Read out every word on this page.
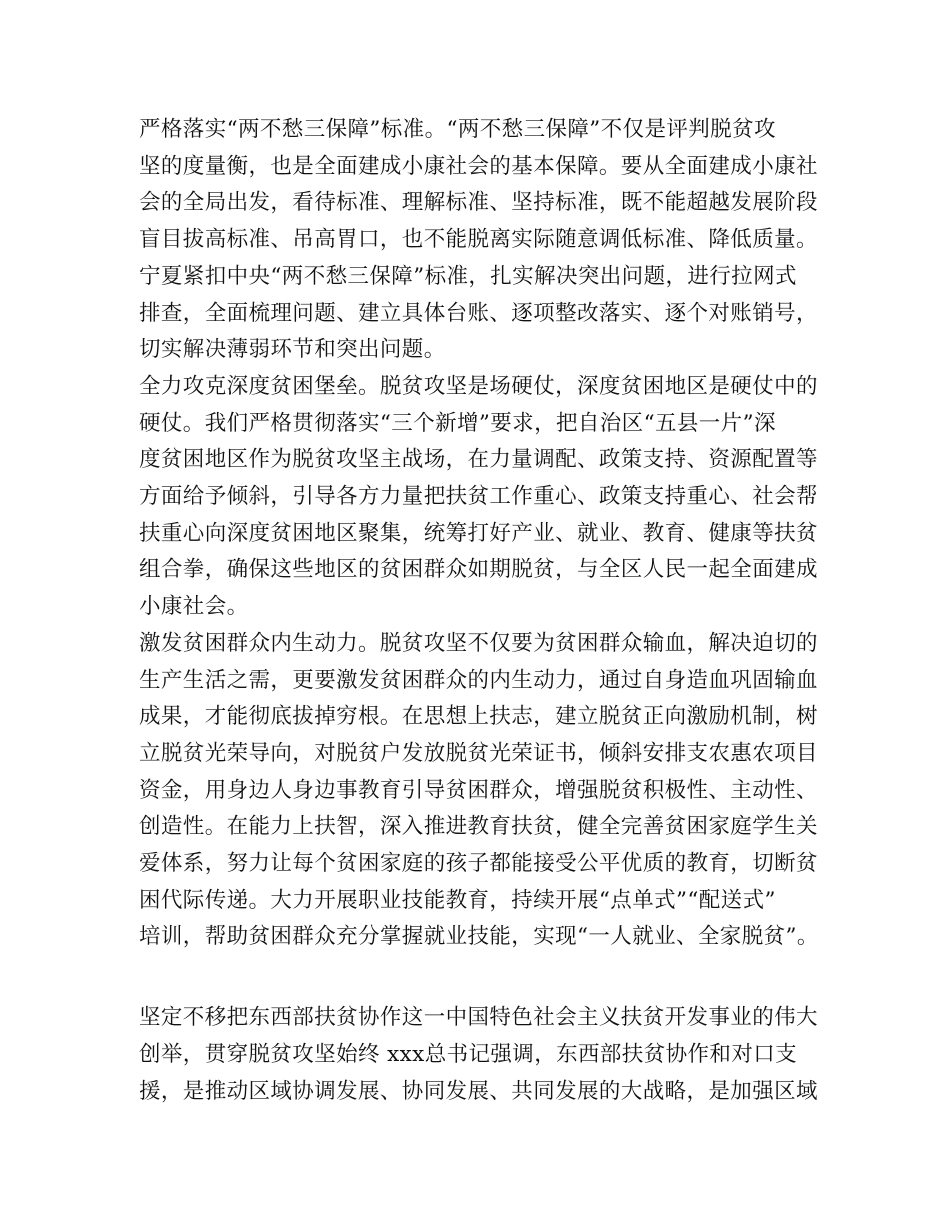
严格落实“两不愁三保障”标准。“两不愁三保障”不仅是评判脱贫攻

坚的度量衡，也是全面建成小康社会的基本保障。要从全面建成小康社

会的全局出发，看待标准、理解标准、坚持标准，既不能超越发展阶段

盲目拔高标准、吊高胃口，也不能脱离实际随意调低标准、降低质量。

宁夏紧扣中央“两不愁三保障”标准，扎实解决突出问题，进行拉网式

排查，全面梳理问题、建立具体台账、逐项整改落实、逐个对账销号，

切实解决薄弱环节和突出问题。

全力攻克深度贫困堡垒。脱贫攻坚是场硬仗，深度贫困地区是硬仗中的

硬仗。我们严格贯彻落实“三个新增”要求，把自治区“五县一片”深

度贫困地区作为脱贫攻坚主战场，在力量调配、政策支持、资源配置等

方面给予倾斜，引导各方力量把扶贫工作重心、政策支持重心、社会帮

扶重心向深度贫困地区聚集，统筹打好产业、就业、教育、健康等扶贫

组合拳，确保这些地区的贫困群众如期脱贫，与全区人民一起全面建成

小康社会。

激发贫困群众内生动力。脱贫攻坚不仅要为贫困群众输血，解决迫切的

生产生活之需，更要激发贫困群众的内生动力，通过自身造血巩固输血

成果，才能彻底拔掉穷根。在思想上扶志，建立脱贫正向激励机制，树

立脱贫光荣导向，对脱贫户发放脱贫光荣证书，倾斜安排支农惠农项目

资金，用身边人身边事教育引导贫困群众，增强脱贫积极性、主动性、

创造性。在能力上扶智，深入推进教育扶贫，健全完善贫困家庭学生关

爱体系，努力让每个贫困家庭的孩子都能接受公平优质的教育，切断贫

困代际传递。大力开展职业技能教育，持续开展“点单式”“配送式”

培训，帮助贫困群众充分掌握就业技能，实现“一人就业、全家脱贫”。

坚定不移把东西部扶贫协作这一中国特色社会主义扶贫开发事业的伟大

创举，贯穿脱贫攻坚始终 xxx总书记强调，东西部扶贫协作和对口支

援，是推动区域协调发展、协同发展、共同发展的大战略，是加强区域
